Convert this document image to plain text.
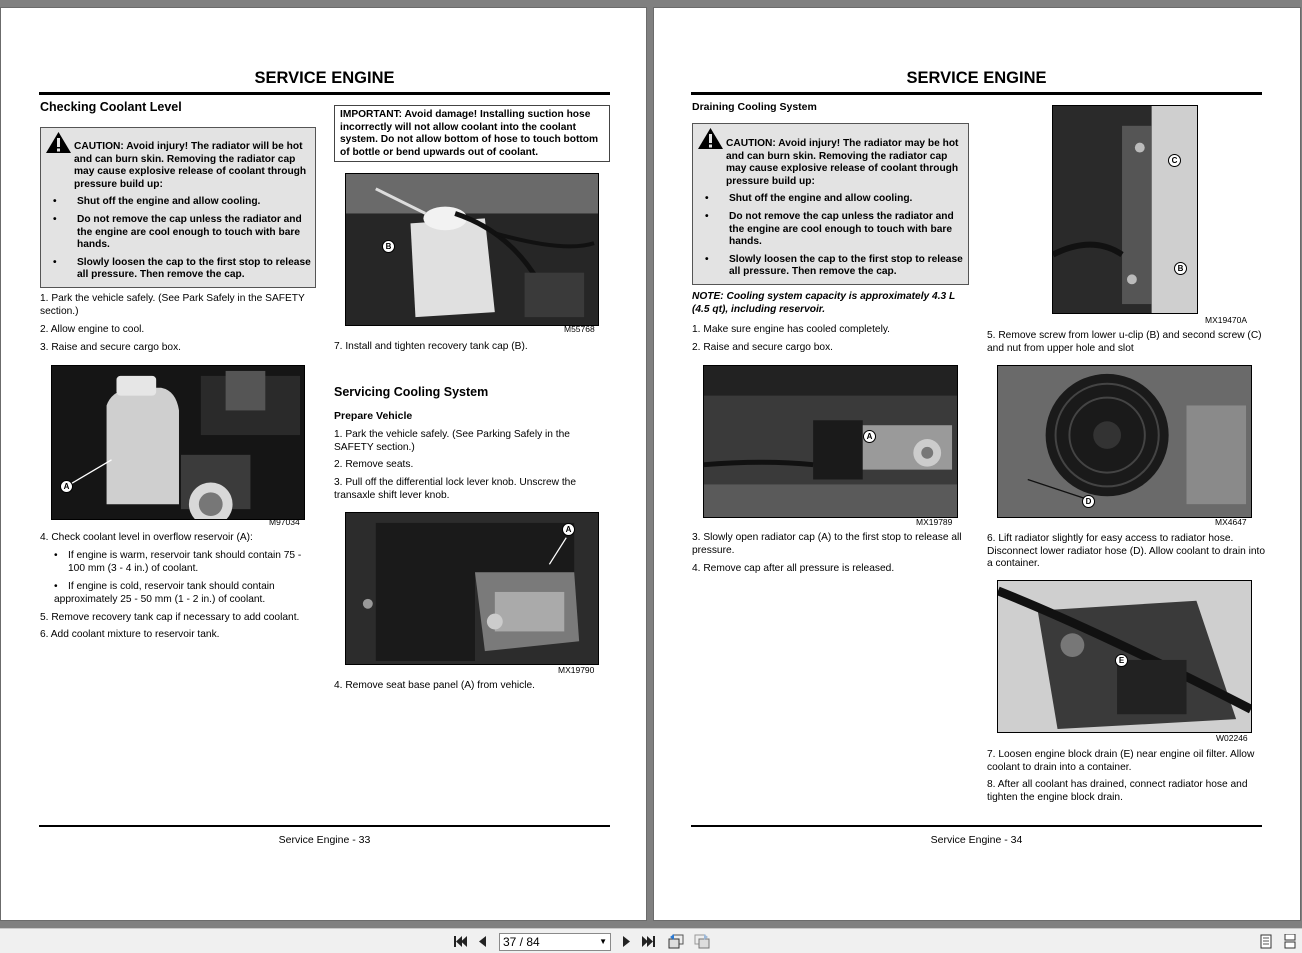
SERVICE ENGINE
Checking Coolant Level

CAUTION: Avoid injury! The radiator will be hot and can burn skin. Removing the radiator cap may cause explosive release of coolant through pressure build up:

• Shut off the engine and allow cooling.
• Do not remove the cap unless the radiator and the engine are cool enough to touch with bare hands.
• Slowly loosen the cap to the first stop to release all pressure. Then remove the cap.
1. Park the vehicle safely. (See Park Safely in the SAFETY section.)
2. Allow engine to cool.
3. Raise and secure cargo box.
A
M97034
4. Check coolant level in overflow reservoir (A):
• If engine is warm, reservoir tank should contain 75 - 100 mm (3 - 4 in.) of coolant.
• If engine is cold, reservoir tank should contain approximately 25 - 50 mm (1 - 2 in.) of coolant.
5. Remove recovery tank cap if necessary to add coolant.
6. Add coolant mixture to reservoir tank.
IMPORTANT: Avoid damage! Installing suction hose incorrectly will not allow coolant into the coolant system. Do not allow bottom of hose to touch bottom of bottle or bend upwards out of coolant.
B
M55768
7. Install and tighten recovery tank cap (B).
Servicing Cooling System
Prepare Vehicle
1. Park the vehicle safely. (See Parking Safely in the SAFETY section.)
2. Remove seats.
3. Pull off the differential lock lever knob. Unscrew the transaxle shift lever knob.
A
MX19790
4. Remove seat base panel (A) from vehicle.
Service Engine - 33
SERVICE ENGINE
Draining Cooling System

CAUTION: Avoid injury! The radiator may be hot and can burn skin. Removing the radiator cap may cause explosive release of coolant through pressure build up:

• Shut off the engine and allow cooling.
• Do not remove the cap unless the radiator and the engine are cool enough to touch with bare hands.
• Slowly loosen the cap to the first stop to release all pressure. Then remove the cap.
NOTE: Cooling system capacity is approximately 4.3 L (4.5 qt), including reservoir.
1. Make sure engine has cooled completely.
2. Raise and secure cargo box.
A
MX19789
3. Slowly open radiator cap (A) to the first stop to release all pressure.
4. Remove cap after all pressure is released.
C
B
MX19470A
5. Remove screw from lower u-clip (B) and second screw (C) and nut from upper hole and slot
D
MX4647
6. Lift radiator slightly for easy access to radiator hose. Disconnect lower radiator hose (D). Allow coolant to drain into a container.
E
W02246
7. Loosen engine block drain (E) near engine oil filter. Allow coolant to drain into a container.
8. After all coolant has drained, connect radiator hose and tighten the engine block drain.
Service Engine - 34
37 / 84	▼
